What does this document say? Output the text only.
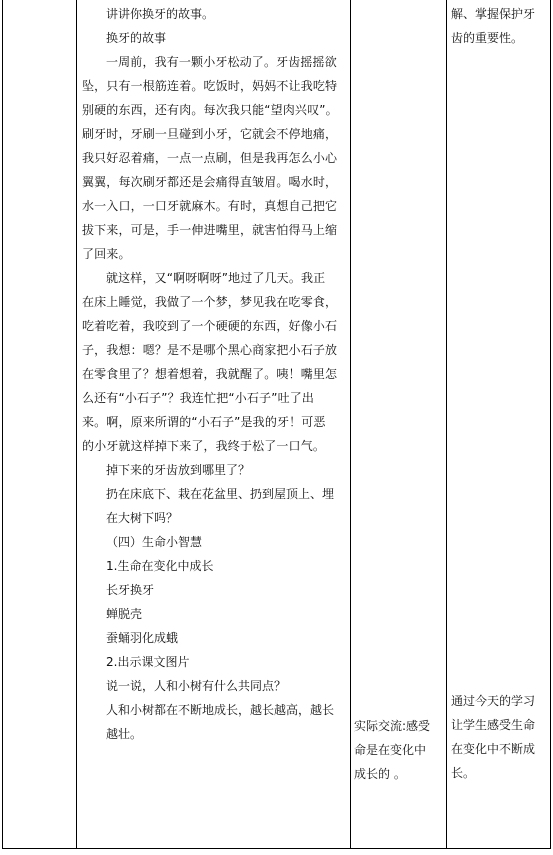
讲讲你换牙的故事。

换牙的故事

一周前，我有一颗小牙松动了。牙齿摇摇欲

坠，只有一根筋连着。吃饭时，妈妈不让我吃特

别硬的东西，还有肉。每次我只能“望肉兴叹”。

刷牙时，牙刷一旦碰到小牙，它就会不停地痛，

我只好忍着痛，一点一点刷，但是我再怎么小心

翼翼，每次刷牙都还是会痛得直皱眉。喝水时，

水一入口，一口牙就麻木。有时，真想自己把它

拔下来，可是，手一伸进嘴里，就害怕得马上缩

了回来。

就这样，又“啊呀啊呀”地过了几天。我正

在床上睡觉，我做了一个梦，梦见我在吃零食，

吃着吃着，我咬到了一个硬硬的东西，好像小石

子，我想：嗯？是不是哪个黑心商家把小石子放

在零食里了？想着想着，我就醒了。咦！嘴里怎

么还有“小石子”？我连忙把“小石子”吐了出

来。啊，原来所谓的“小石子”是我的牙！可恶

的小牙就这样掉下来了，我终于松了一口气。

掉下来的牙齿放到哪里了？

扔在床底下、栽在花盆里、扔到屋顶上、埋

在大树下吗？

（四）生命小智慧

1.生命在变化中成长

长牙换牙

蝉脱壳

蚕蛹羽化成蛾

2.出示课文图片

说一说，人和小树有什么共同点？

人和小树都在不断地成长，越长越高，越长

越壮。

解、掌握保护牙

齿的重要性。

通过今天的学习

让学生感受生命

在变化中不断成

长。

实际交流:感受

命是在变化中

成长的 。
